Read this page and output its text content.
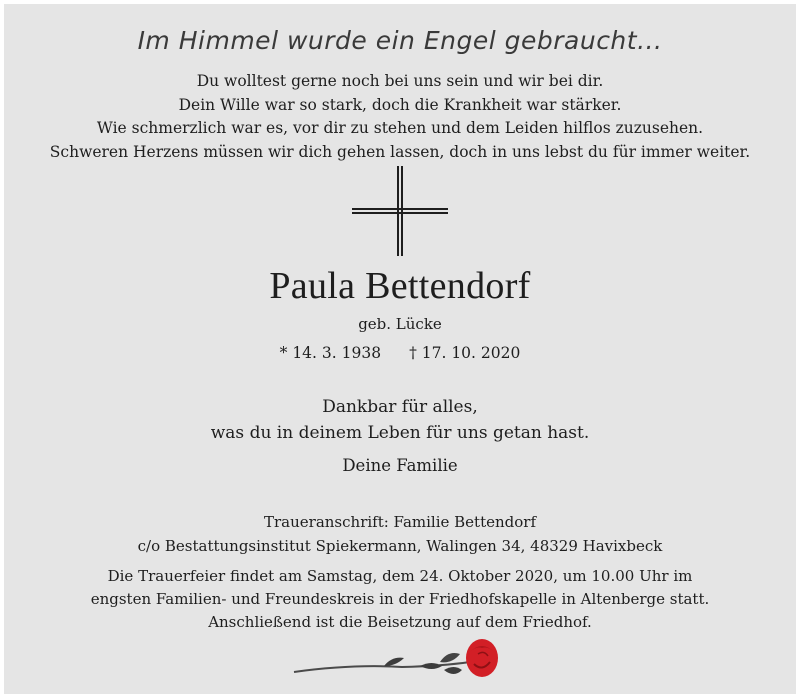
Im Himmel wurde ein Engel gebraucht...
Du wolltest gerne noch bei uns sein und wir bei dir.
Dein Wille war so stark, doch die Krankheit war stärker.
Wie schmerzlich war es, vor dir zu stehen und dem Leiden hilflos zuzusehen.
Schweren Herzens müssen wir dich gehen lassen, doch in uns lebst du für immer weiter.
Paula Bettendorf
geb. Lücke
* 14. 3. 1938 † 17. 10. 2020
Dankbar für alles,
was du in deinem Leben für uns getan hast.
Deine Familie
Traueranschrift: Familie Bettendorf
c/o Bestattungsinstitut Spiekermann, Walingen 34, 48329 Havixbeck
Die Trauerfeier findet am Samstag, dem 24. Oktober 2020, um 10.00 Uhr im
engsten Familien- und Freundeskreis in der Friedhofskapelle in Altenberge statt.
Anschließend ist die Beisetzung auf dem Friedhof.
